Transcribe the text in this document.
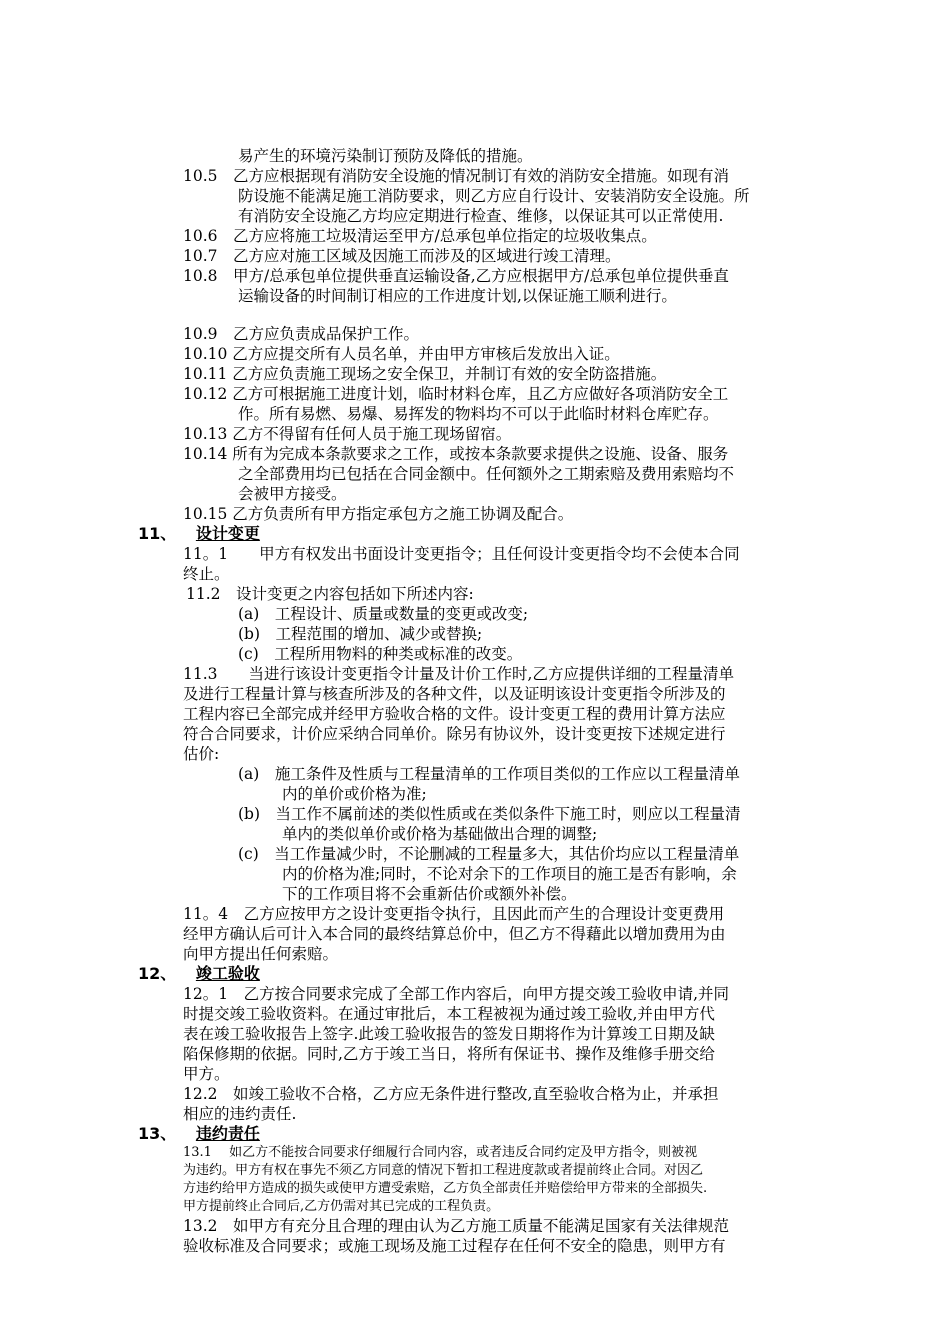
易产生的环境污染制订预防及降低的措施。
10.5　乙方应根据现有消防安全设施的情况制订有效的消防安全措施。如现有消
防设施不能满足施工消防要求，则乙方应自行设计、安装消防安全设施。所
有消防安全设施乙方均应定期进行检查、维修，以保证其可以正常使用.
10.6　乙方应将施工垃圾清运至甲方/总承包单位指定的垃圾收集点。
10.7　乙方应对施工区域及因施工而涉及的区域进行竣工清理。
10.8　甲方/总承包单位提供垂直运输设备,乙方应根据甲方/总承包单位提供垂直
运输设备的时间制订相应的工作进度计划,以保证施工顺利进行。
10.9　乙方应负责成品保护工作。
10.10 乙方应提交所有人员名单，并由甲方审核后发放出入证。
10.11 乙方应负责施工现场之安全保卫，并制订有效的安全防盗措施。
10.12 乙方可根据施工进度计划，临时材料仓库，且乙方应做好各项消防安全工
作。所有易燃、易爆、易挥发的物料均不可以于此临时材料仓库贮存。
10.13 乙方不得留有任何人员于施工现场留宿。
10.14 所有为完成本条款要求之工作，或按本条款要求提供之设施、设备、服务
之全部费用均已包括在合同金额中。任何额外之工期索赔及费用索赔均不
会被甲方接受。
10.15 乙方负责所有甲方指定承包方之施工协调及配合。
11、 设计变更
11。1　　甲方有权发出书面设计变更指令；且任何设计变更指令均不会使本合同
终止。
11.2　设计变更之内容包括如下所述内容:
(a)　工程设计、质量或数量的变更或改变;
(b)　工程范围的增加、减少或替换;
(c)　工程所用物料的种类或标准的改变。
11.3　　当进行该设计变更指令计量及计价工作时,乙方应提供详细的工程量清单
及进行工程量计算与核查所涉及的各种文件，以及证明该设计变更指令所涉及的
工程内容已全部完成并经甲方验收合格的文件。设计变更工程的费用计算方法应
符合合同要求，计价应采纳合同单价。除另有协议外，设计变更按下述规定进行
估价:
(a)　施工条件及性质与工程量清单的工作项目类似的工作应以工程量清单
内的单价或价格为准;
(b)　当工作不属前述的类似性质或在类似条件下施工时，则应以工程量清
单内的类似单价或价格为基础做出合理的调整;
(c)　当工作量减少时，不论删减的工程量多大，其估价均应以工程量清单
内的价格为准;同时，不论对余下的工作项目的施工是否有影响，余
下的工作项目将不会重新估价或额外补偿。
11。4　乙方应按甲方之设计变更指令执行，且因此而产生的合理设计变更费用
经甲方确认后可计入本合同的最终结算总价中，但乙方不得藉此以增加费用为由
向甲方提出任何索赔。
12、 竣工验收
12。1　乙方按合同要求完成了全部工作内容后，向甲方提交竣工验收申请,并同
时提交竣工验收资料。在通过审批后，本工程被视为通过竣工验收,并由甲方代
表在竣工验收报告上签字.此竣工验收报告的签发日期将作为计算竣工日期及缺
陷保修期的依据。同时,乙方于竣工当日，将所有保证书、操作及维修手册交给
甲方。
12.2　如竣工验收不合格，乙方应无条件进行整改,直至验收合格为止，并承担
相应的违约责任.
13、 违约责任
13.1　 如乙方不能按合同要求仔细履行合同内容，或者违反合同约定及甲方指令，则被视
为违约。甲方有权在事先不须乙方同意的情况下暂扣工程进度款或者提前终止合同。对因乙
方违约给甲方造成的损失或使甲方遭受索赔，乙方负全部责任并赔偿给甲方带来的全部损失.
甲方提前终止合同后,乙方仍需对其已完成的工程负责。
13.2　如甲方有充分且合理的理由认为乙方施工质量不能满足国家有关法律规范
验收标准及合同要求；或施工现场及施工过程存在任何不安全的隐患，则甲方有
